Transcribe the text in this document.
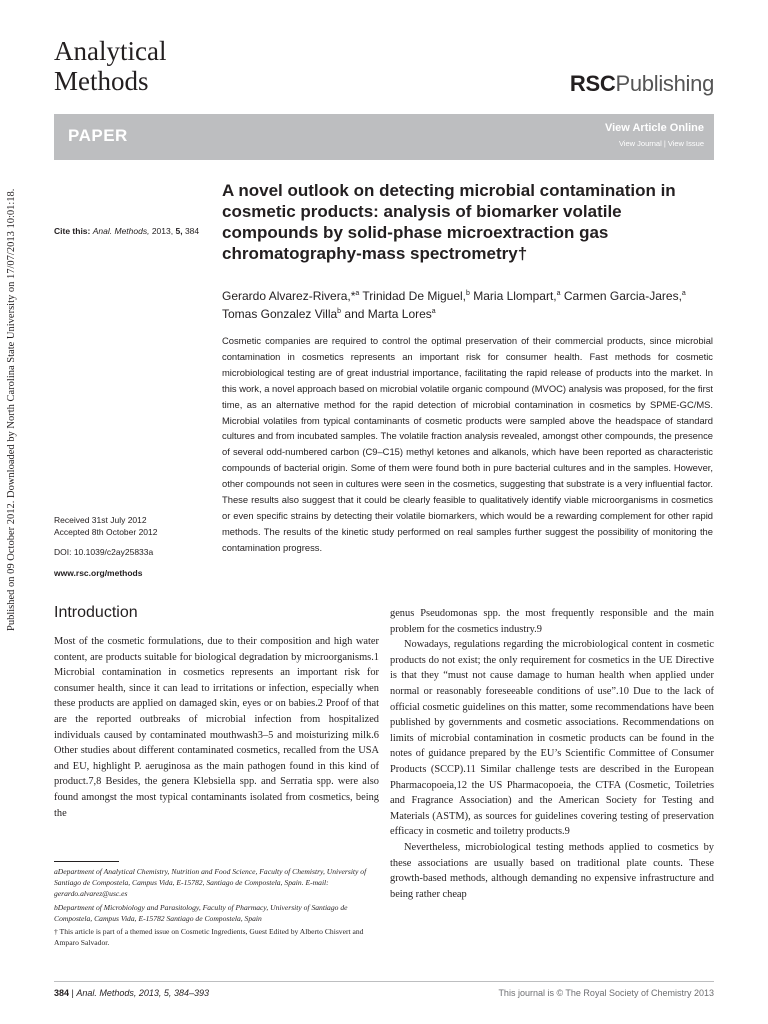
Published on 09 October 2012. Downloaded by North Carolina State University on 17/07/2013 10:01:18.
Analytical
Methods	RSCPublishing
PAPER	View Article Online
View Journal | View Issue
Cite this: Anal. Methods, 2013, 5, 384
A novel outlook on detecting microbial contamination in cosmetic products: analysis of biomarker volatile compounds by solid-phase microextraction gas chromatography-mass spectrometry†
Gerardo Alvarez-Rivera,*$^a$ Trinidad De Miguel,$^b$ Maria Llompart,$^a$ Carmen Garcia-Jares,$^a$ Tomas Gonzalez Villa$^b$ and Marta Lores$^a$
Received 31st July 2012
Accepted 8th October 2012
DOI: 10.1039/c2ay25833a
www.rsc.org/methods

Cosmetic companies are required to control the optimal preservation of their commercial products, since microbial contamination in cosmetics represents an important risk for consumer health. Fast methods for cosmetic microbiological testing are of great industrial importance, facilitating the rapid release of products into the market. In this work, a novel approach based on microbial volatile organic compound (MVOC) analysis was proposed, for the first time, as an alternative method for the rapid detection of microbial contamination in cosmetics by SPME-GC/MS. Microbial volatiles from typical contaminants of cosmetic products were sampled above the headspace of standard cultures and from incubated samples. The volatile fraction analysis revealed, amongst other compounds, the presence of several odd-numbered carbon (C9–C15) methyl ketones and alkanols, which have been reported as characteristic compounds of bacterial origin. Some of them were found both in pure bacterial cultures and in the samples. However, other compounds not seen in cultures were seen in the cosmetics, suggesting that substrate is a very influential factor. These results also suggest that it could be clearly feasible to qualitatively identify viable microorganisms in cosmetics or even specific strains by detecting their volatile biomarkers, which would be a rewarding complement for other rapid methods. The results of the kinetic study performed on real samples further suggest the possibility of monitoring the contamination progress.

Introduction

Most of the cosmetic formulations, due to their composition and high water content, are products suitable for biological degradation by microorganisms.1 Microbial contamination in cosmetics represents an important risk for consumer health, since it can lead to irritations or infection, especially when these products are applied on damaged skin, eyes or on babies.2 Proof of that are the reported outbreaks of microbial infection from hospitalized individuals caused by contaminated mouthwash3–5 and moisturizing milk.6 Other studies about different contaminated cosmetics, recalled from the USA and EU, highlight P. aeruginosa as the main pathogen found in this kind of product.7,8 Besides, the genera Klebsiella spp. and Serratia spp. were also found amongst the most typical contaminants isolated from cosmetics, being the

genus Pseudomonas spp. the most frequently responsible and the main problem for the cosmetics industry.9

Nowadays, regulations regarding the microbiological content in cosmetic products do not exist; the only requirement for cosmetics in the UE Directive is that they “must not cause damage to human health when applied under normal or reasonably foreseeable conditions of use”.10 Due to the lack of official cosmetic guidelines on this matter, some recommendations have been published by governments and cosmetic associations. Recommendations on limits of microbial contamination in cosmetic products can be found in the notes of guidance prepared by the EU’s Scientific Committee of Consumer Products (SCCP).11 Similar challenge tests are described in the European Pharmacopoeia,12 the US Pharmacopoeia, the CTFA (Cosmetic, Toiletries and Fragrance Association) and the American Society for Testing and Materials (ASTM), as sources for guidelines covering testing of preservation efficacy in cosmetic and toiletry products.9

Nevertheless, microbiological testing methods applied to cosmetics by these associations are usually based on traditional plate counts. These growth-based methods, although demanding no expensive infrastructure and being rather cheap

aDepartment of Analytical Chemistry, Nutrition and Food Science, Faculty of Chemistry, University of Santiago de Compostela, Campus Vida, E-15782, Santiago de Compostela, Spain. E-mail: gerardo.alvarez@usc.es

bDepartment of Microbiology and Parasitology, Faculty of Pharmacy, University of Santiago de Compostela, Campus Vida, E-15782 Santiago de Compostela, Spain

† This article is part of a themed issue on Cosmetic Ingredients, Guest Edited by Alberto Chisvert and Amparo Salvador.

384 | Anal. Methods, 2013, 5, 384–393	This journal is © The Royal Society of Chemistry 2013
